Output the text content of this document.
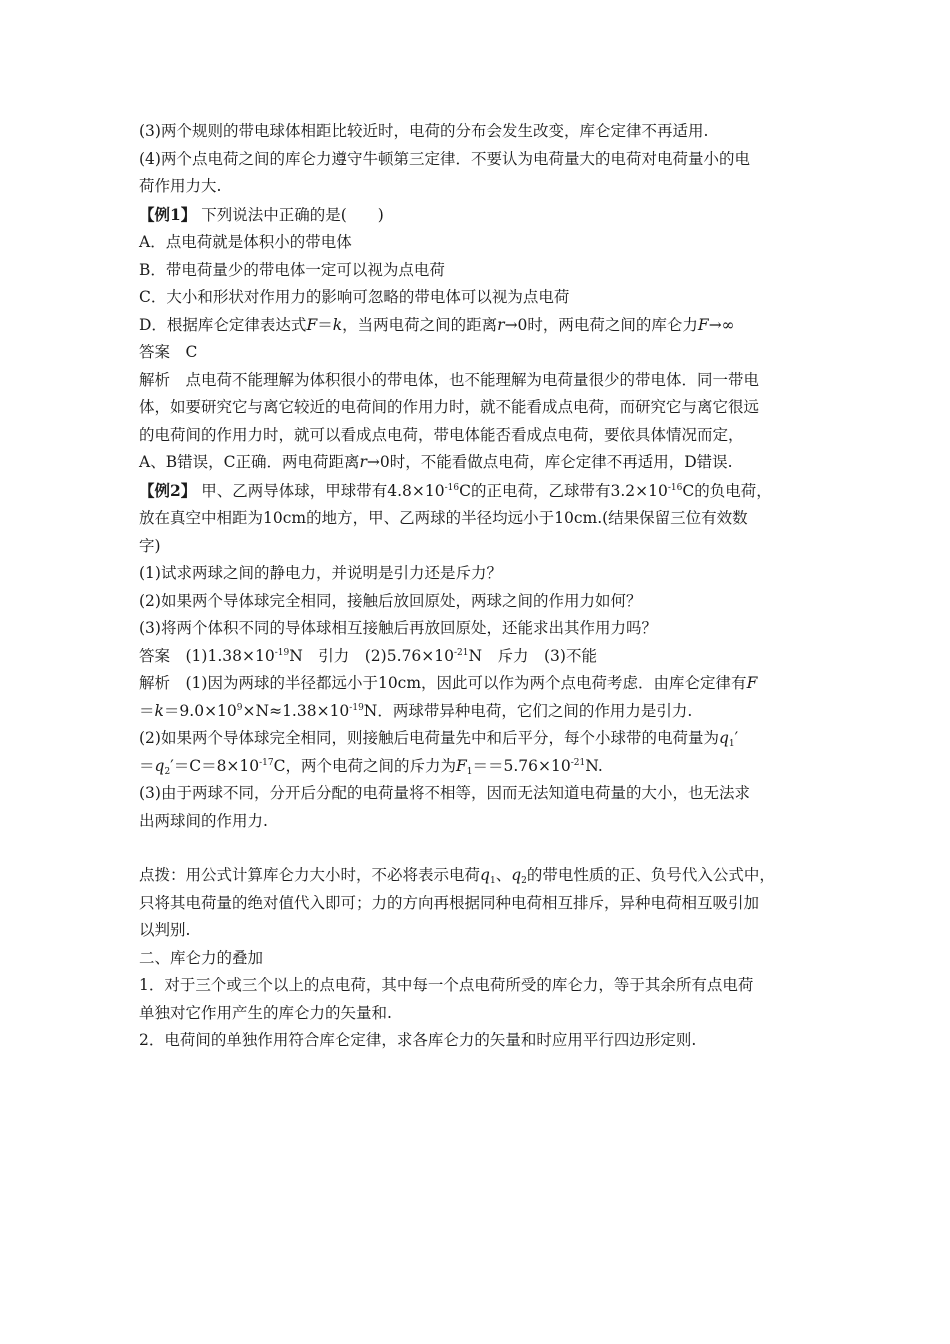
(3)两个规则的带电球体相距比较近时，电荷的分布会发生改变，库仑定律不再适用.

(4)两个点电荷之间的库仑力遵守牛顿第三定律．不要认为电荷量大的电荷对电荷量小的电
荷作用力大.

【例1】 下列说法中正确的是(　　)

A．点电荷就是体积小的带电体

B．带电荷量少的带电体一定可以视为点电荷

C．大小和形状对作用力的影响可忽略的带电体可以视为点电荷

D．根据库仑定律表达式F＝k，当两电荷之间的距离r→0时，两电荷之间的库仑力F→∞

答案　C

解析　点电荷不能理解为体积很小的带电体，也不能理解为电荷量很少的带电体．同一带电
体，如要研究它与离它较近的电荷间的作用力时，就不能看成点电荷，而研究它与离它很远
的电荷间的作用力时，就可以看成点电荷，带电体能否看成点电荷，要依具体情况而定，
A、B错误，C正确．两电荷距离r→0时，不能看做点电荷，库仑定律不再适用，D错误.

【例2】 甲、乙两导体球，甲球带有$4.8\times 10^{-16}C$的正电荷，乙球带有$3.2\times 10^{-16}C$的负电荷，
放在真空中相距为10cm的地方，甲、乙两球的半径均远小于10cm.(结果保留三位有效数
字)

(1)试求两球之间的静电力，并说明是引力还是斥力？

(2)如果两个导体球完全相同，接触后放回原处，两球之间的作用力如何？

(3)将两个体积不同的导体球相互接触后再放回原处，还能求出其作用力吗？

答案　$(1)1.38\times 10^{-19}N$　引力　$(2)5.76\times 10^{-21}N$　斥力　(3)不能

解析　(1)因为两球的半径都远小于10cm，因此可以作为两个点电荷考虑．由库仑定律有F
$=k=9.0\times 10^9\times N\approx 1.38\times 10^{-19}N$．两球带异种电荷，它们之间的作用力是引力.
(2)如果两个导体球完全相同，则接触后电荷量先中和后平分，每个小球带的电荷量为$q_1'$
$=q_2'=C=8\times 10^{-17}C$，两个电荷之间的斥力为$F_1==5.76\times 10^{-21}N$.
(3)由于两球不同，分开后分配的电荷量将不相等，因而无法知道电荷量的大小，也无法求
出两球间的作用力.

点拨：用公式计算库仑力大小时，不必将表示电荷$q_1$、$q_2$的带电性质的正、负号代入公式中，
只将其电荷量的绝对值代入即可；力的方向再根据同种电荷相互排斥，异种电荷相互吸引加
以判别.

二、库仑力的叠加

1．对于三个或三个以上的点电荷，其中每一个点电荷所受的库仑力，等于其余所有点电荷
单独对它作用产生的库仑力的矢量和.

2．电荷间的单独作用符合库仑定律，求各库仑力的矢量和时应用平行四边形定则.
